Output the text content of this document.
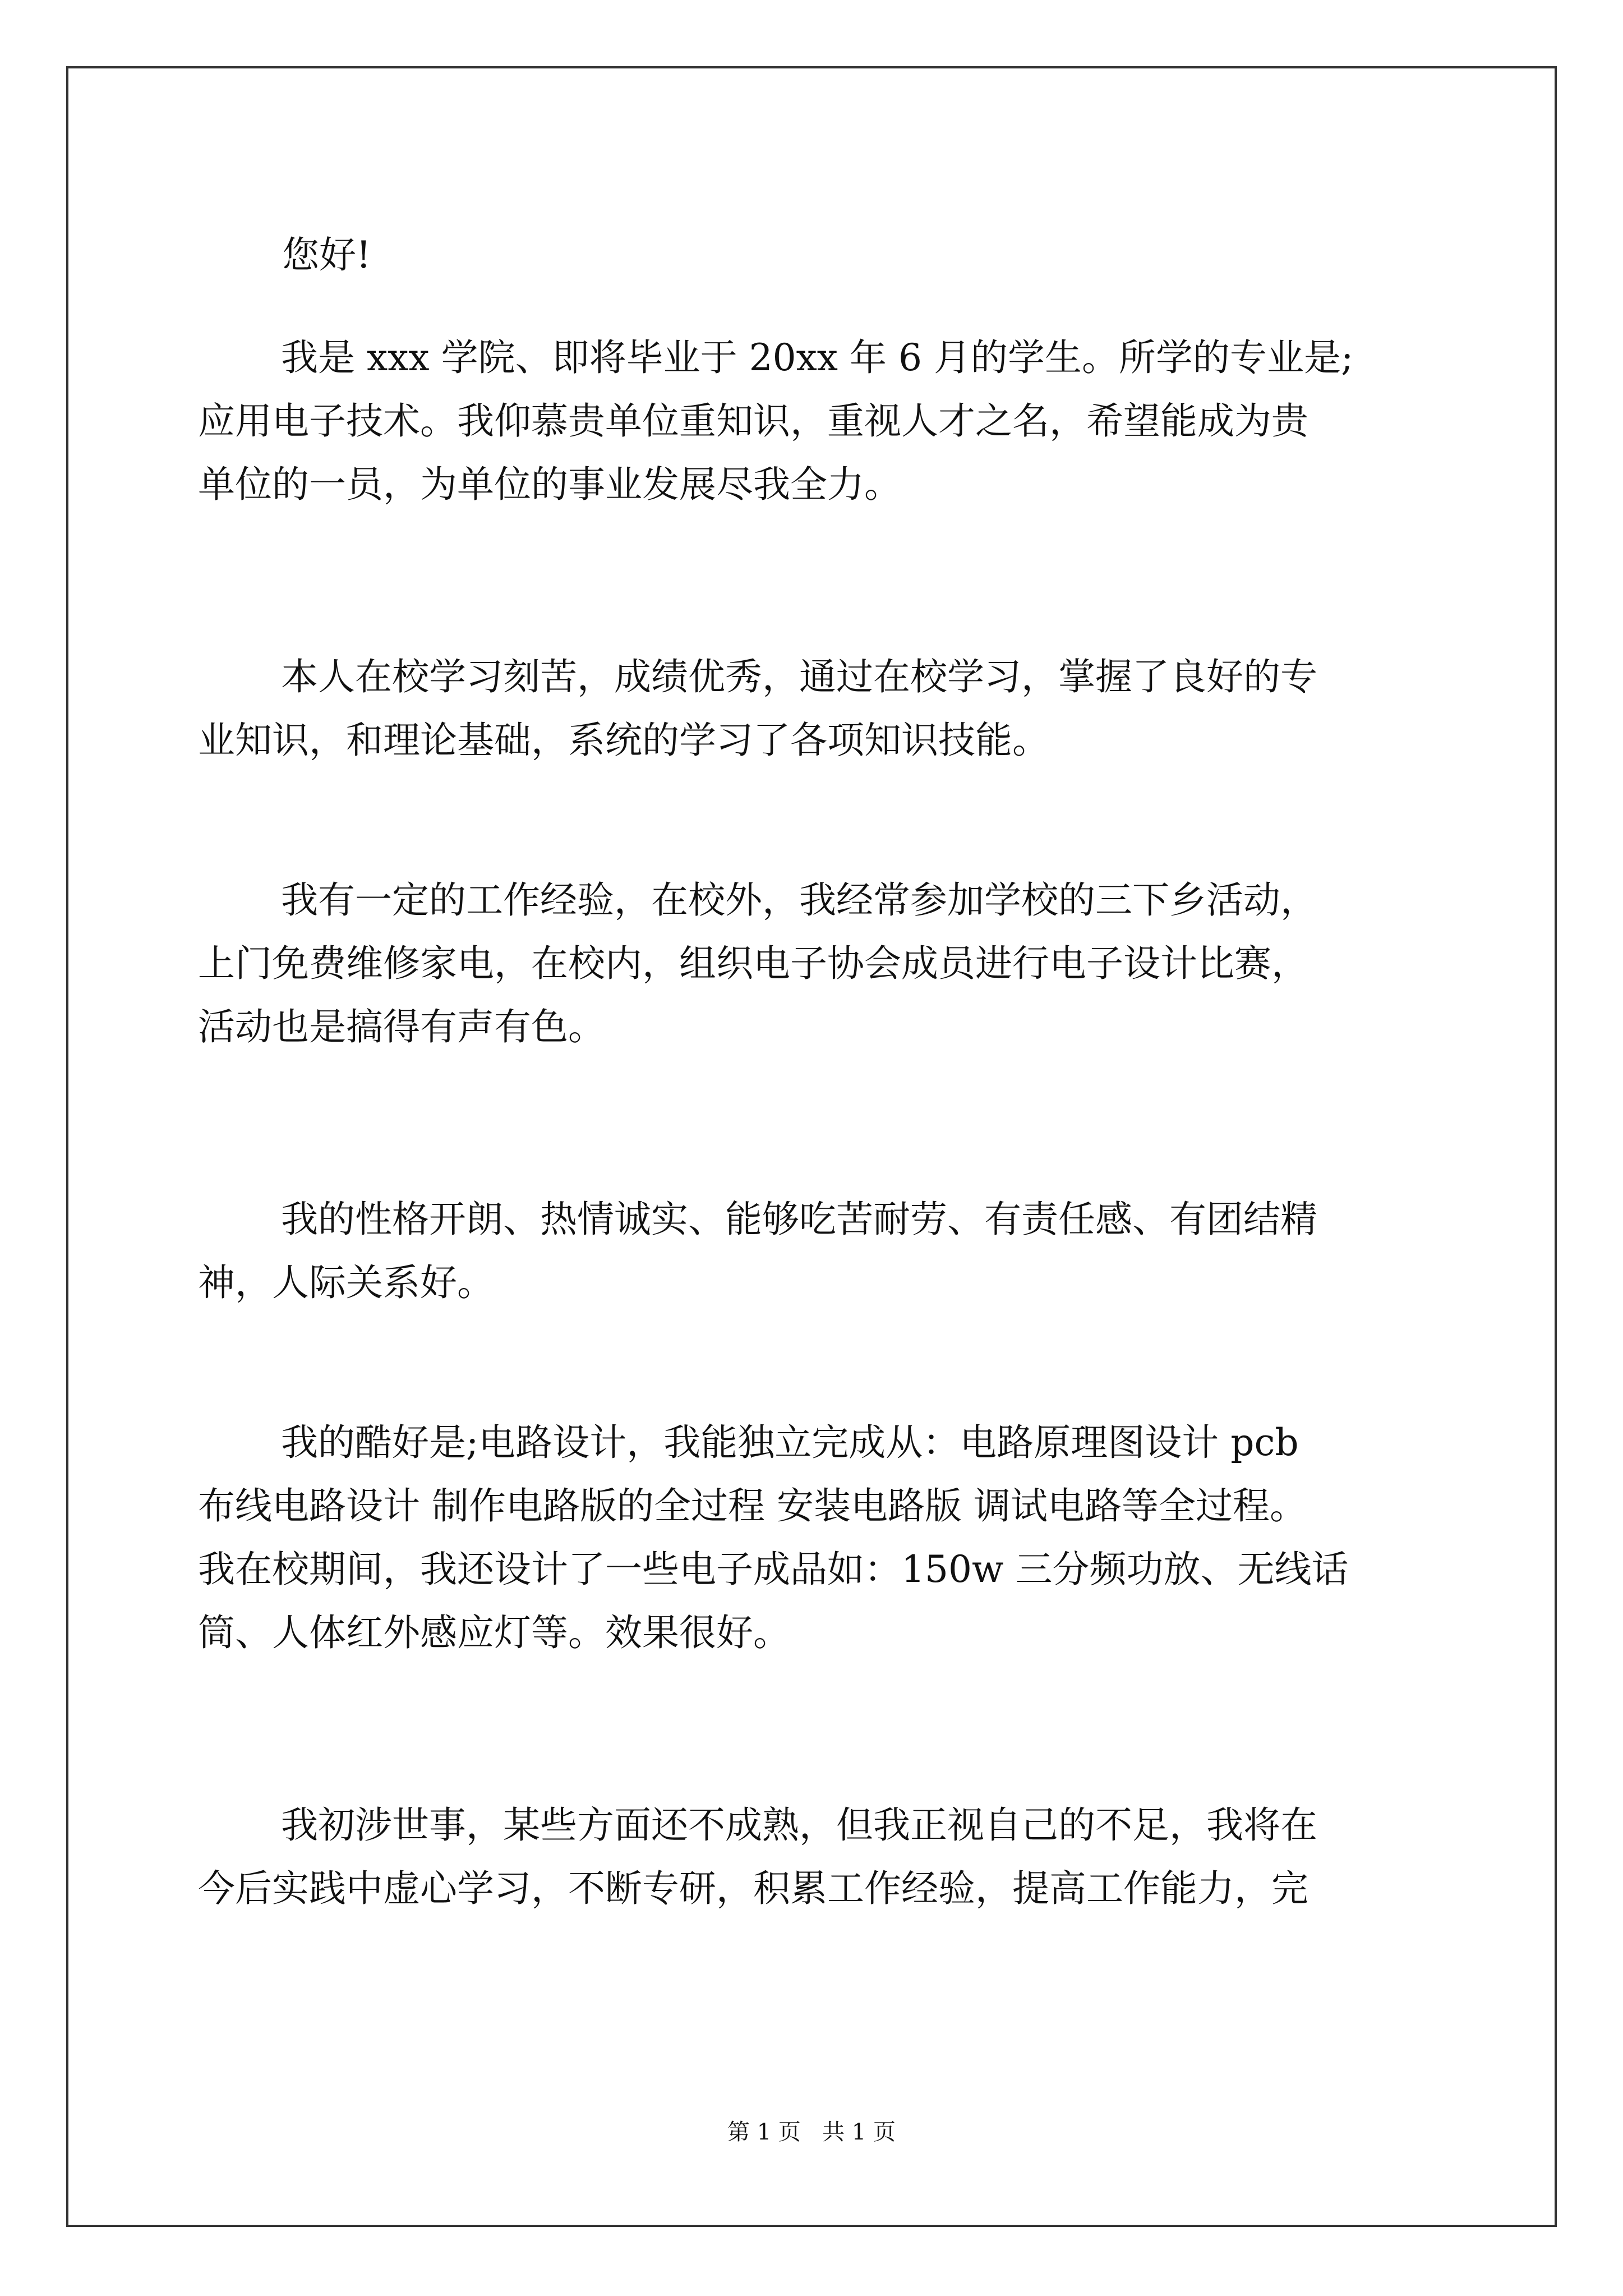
您好!
我是 xxx 学院、即将毕业于 20xx 年 6 月的学生。所学的专业是;
应用电子技术。我仰慕贵单位重知识，重视人才之名，希望能成为贵
单位的一员，为单位的事业发展尽我全力。
本人在校学习刻苦，成绩优秀，通过在校学习，掌握了良好的专
业知识，和理论基础，系统的学习了各项知识技能。
我有一定的工作经验，在校外，我经常参加学校的三下乡活动，
上门免费维修家电，在校内，组织电子协会成员进行电子设计比赛，
活动也是搞得有声有色。
我的性格开朗、热情诚实、能够吃苦耐劳、有责任感、有团结精
神，人际关系好。
我的酷好是;电路设计，我能独立完成从：电路原理图设计 pcb
布线电路设计 制作电路版的全过程 安装电路版 调试电路等全过程。
我在校期间，我还设计了一些电子成品如：150w 三分频功放、无线话
筒、人体红外感应灯等。效果很好。
我初涉世事，某些方面还不成熟，但我正视自己的不足，我将在
今后实践中虚心学习，不断专研，积累工作经验，提高工作能力，完
第 1 页   共 1 页
